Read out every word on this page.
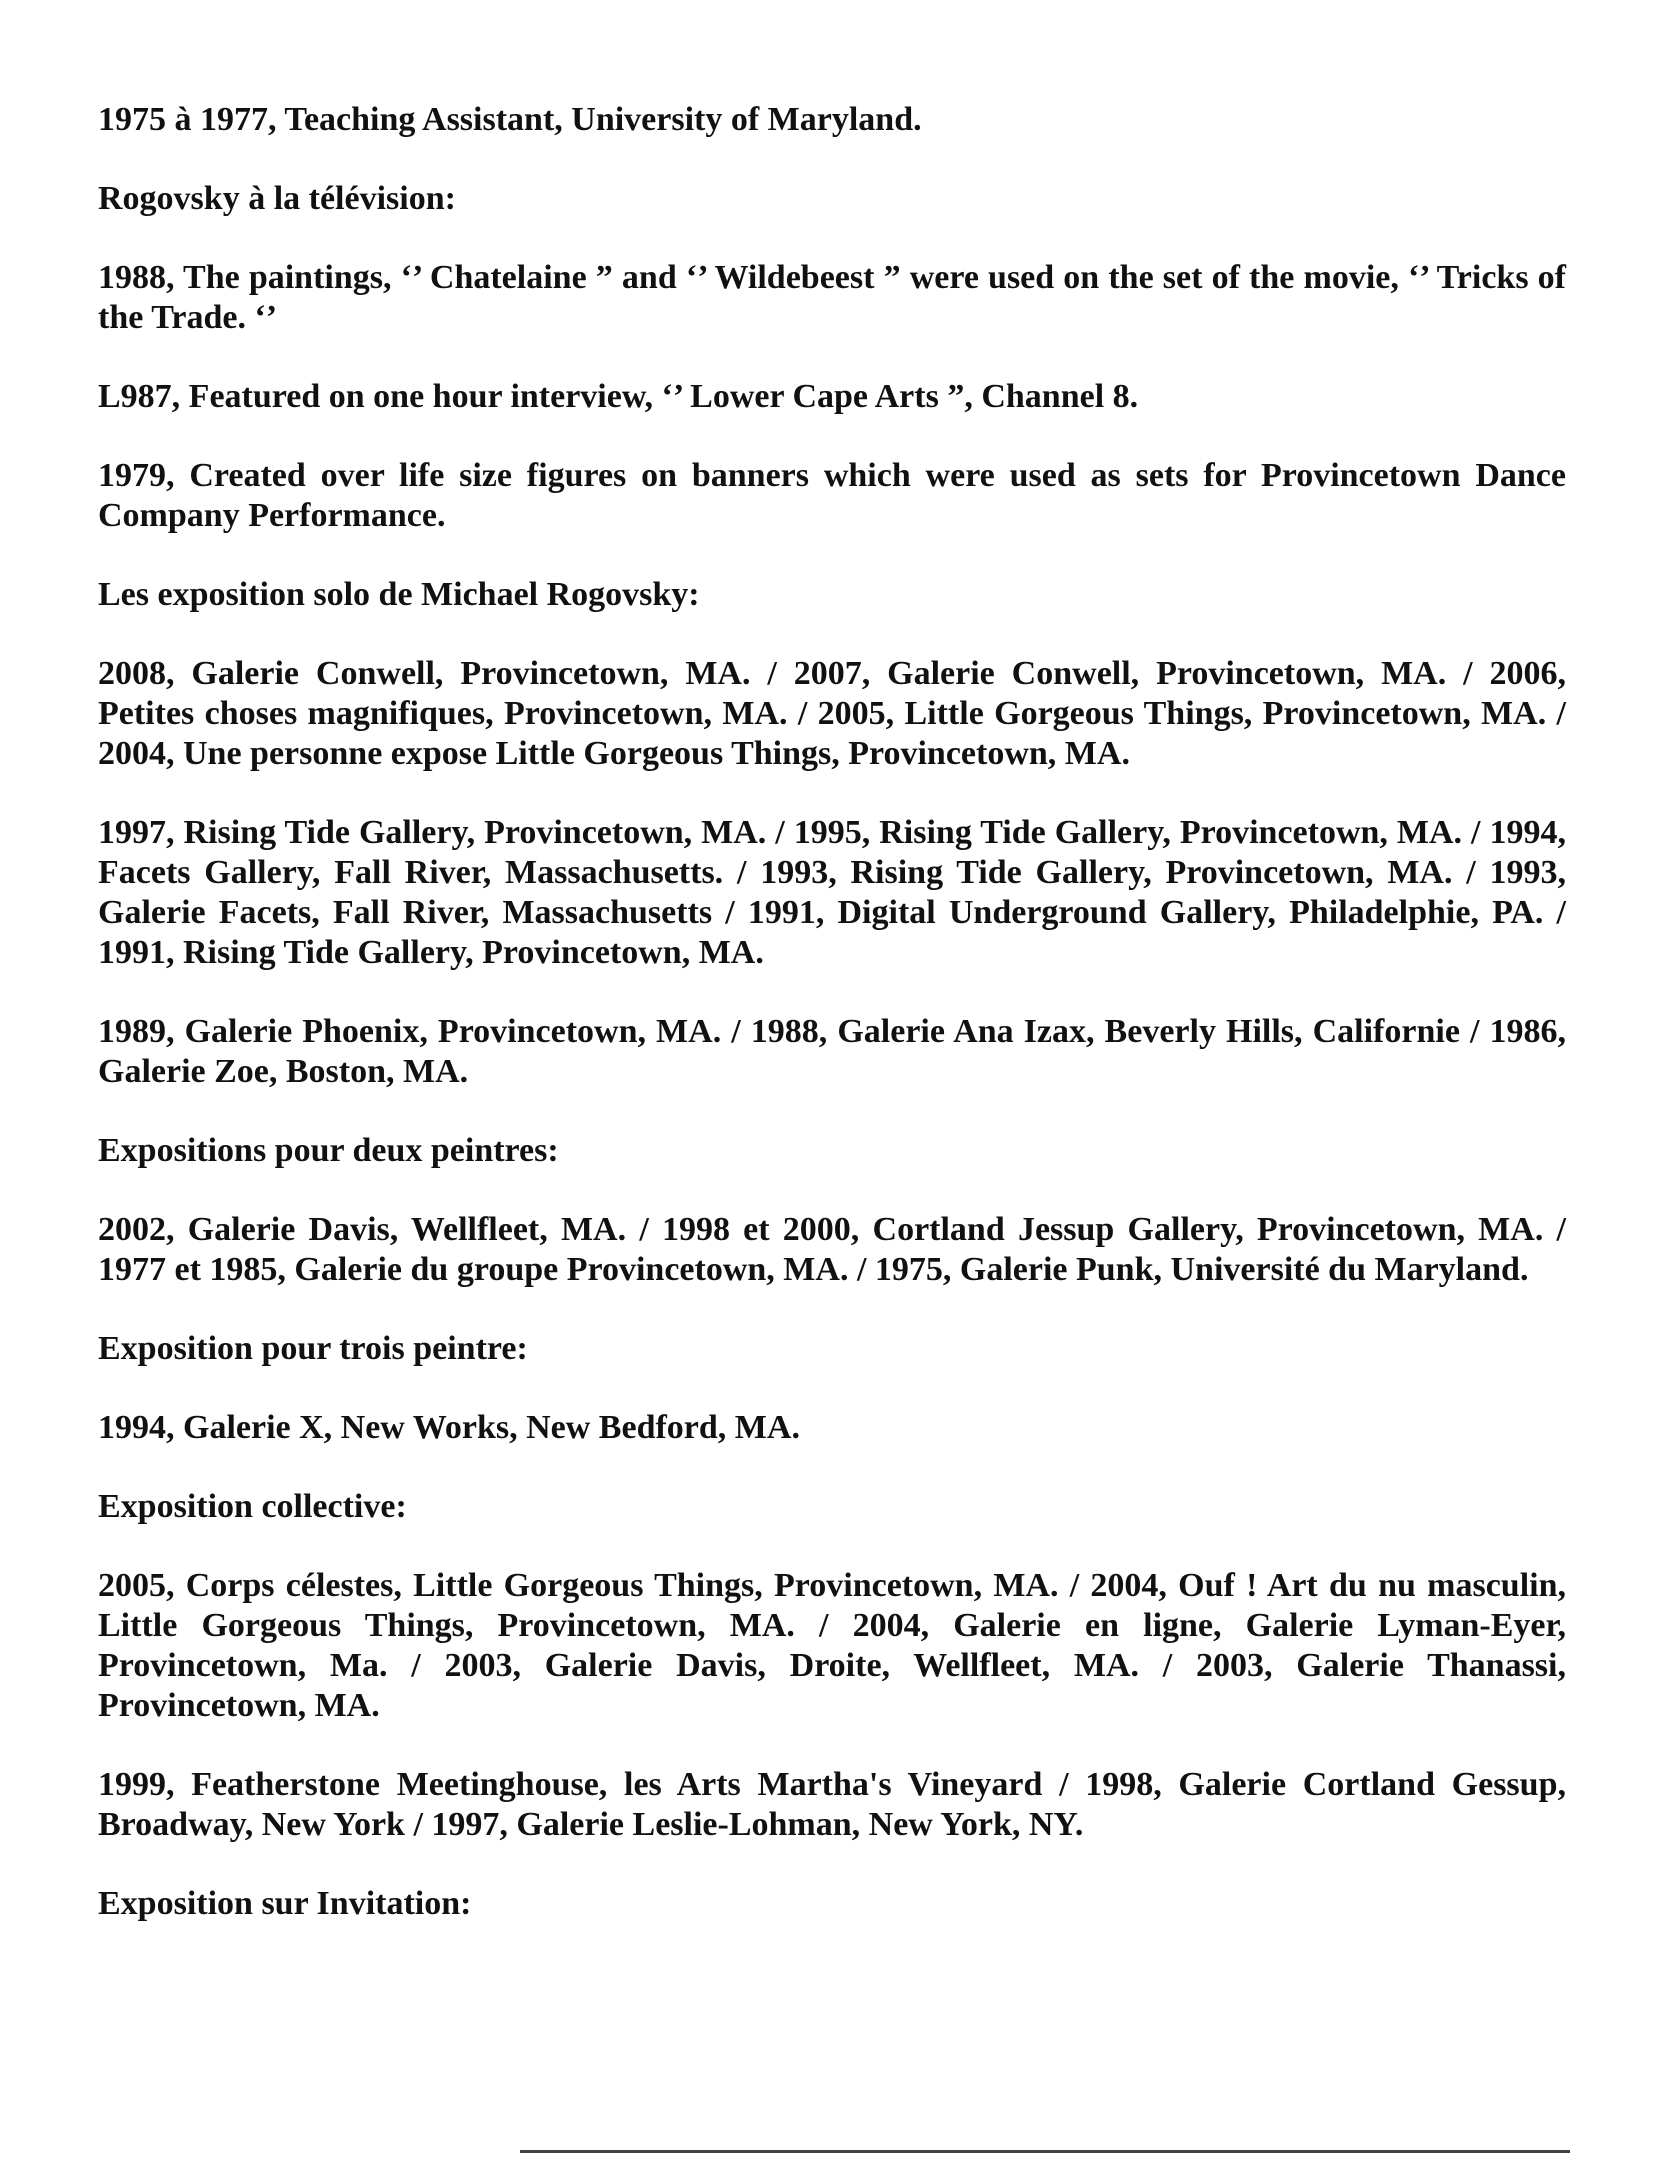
1975 à 1977, Teaching Assistant, University of Maryland.

Rogovsky à la télévision:

1988, The paintings, ‘’ Chatelaine ” and ‘’ Wildebeest ” were used on the set of the movie, ‘’ Tricks of the Trade. ‘’

L987, Featured on one hour interview, ‘’ Lower Cape Arts ”, Channel 8.

1979, Created over life size figures on banners which were used as sets for Provincetown Dance Company Performance.

Les exposition solo de Michael Rogovsky:

2008, Galerie Conwell, Provincetown, MA. / 2007, Galerie Conwell, Provincetown, MA. / 2006, Petites choses magnifiques, Provincetown, MA. / 2005, Little Gorgeous Things, Provincetown, MA. / 2004, Une personne expose Little Gorgeous Things, Provincetown, MA.

1997, Rising Tide Gallery, Provincetown, MA. / 1995, Rising Tide Gallery, Provincetown, MA. / 1994, Facets Gallery, Fall River, Massachusetts. / 1993, Rising Tide Gallery, Provincetown, MA. / 1993, Galerie Facets, Fall River, Massachusetts / 1991, Digital Underground Gallery, Philadelphie, PA. / 1991, Rising Tide Gallery, Provincetown, MA.

1989, Galerie Phoenix, Provincetown, MA. / 1988, Galerie Ana Izax, Beverly Hills, Californie / 1986, Galerie Zoe, Boston, MA.

Expositions pour deux peintres:

2002, Galerie Davis, Wellfleet, MA. / 1998 et 2000, Cortland Jessup Gallery, Provincetown, MA. / 1977 et 1985, Galerie du groupe Provincetown, MA. / 1975, Galerie Punk, Université du Maryland.

Exposition pour trois peintre:

1994, Galerie X, New Works, New Bedford, MA.

Exposition collective:

2005, Corps célestes, Little Gorgeous Things, Provincetown, MA. / 2004, Ouf ! Art du nu masculin, Little Gorgeous Things, Provincetown, MA. / 2004, Galerie en ligne, Galerie Lyman-Eyer, Provincetown, Ma. / 2003, Galerie Davis, Droite, Wellfleet, MA. / 2003, Galerie Thanassi, Provincetown, MA.

1999, Featherstone Meetinghouse, les Arts Martha's Vineyard / 1998, Galerie Cortland Gessup, Broadway, New York / 1997, Galerie Leslie-Lohman, New York, NY.

Exposition sur Invitation:
